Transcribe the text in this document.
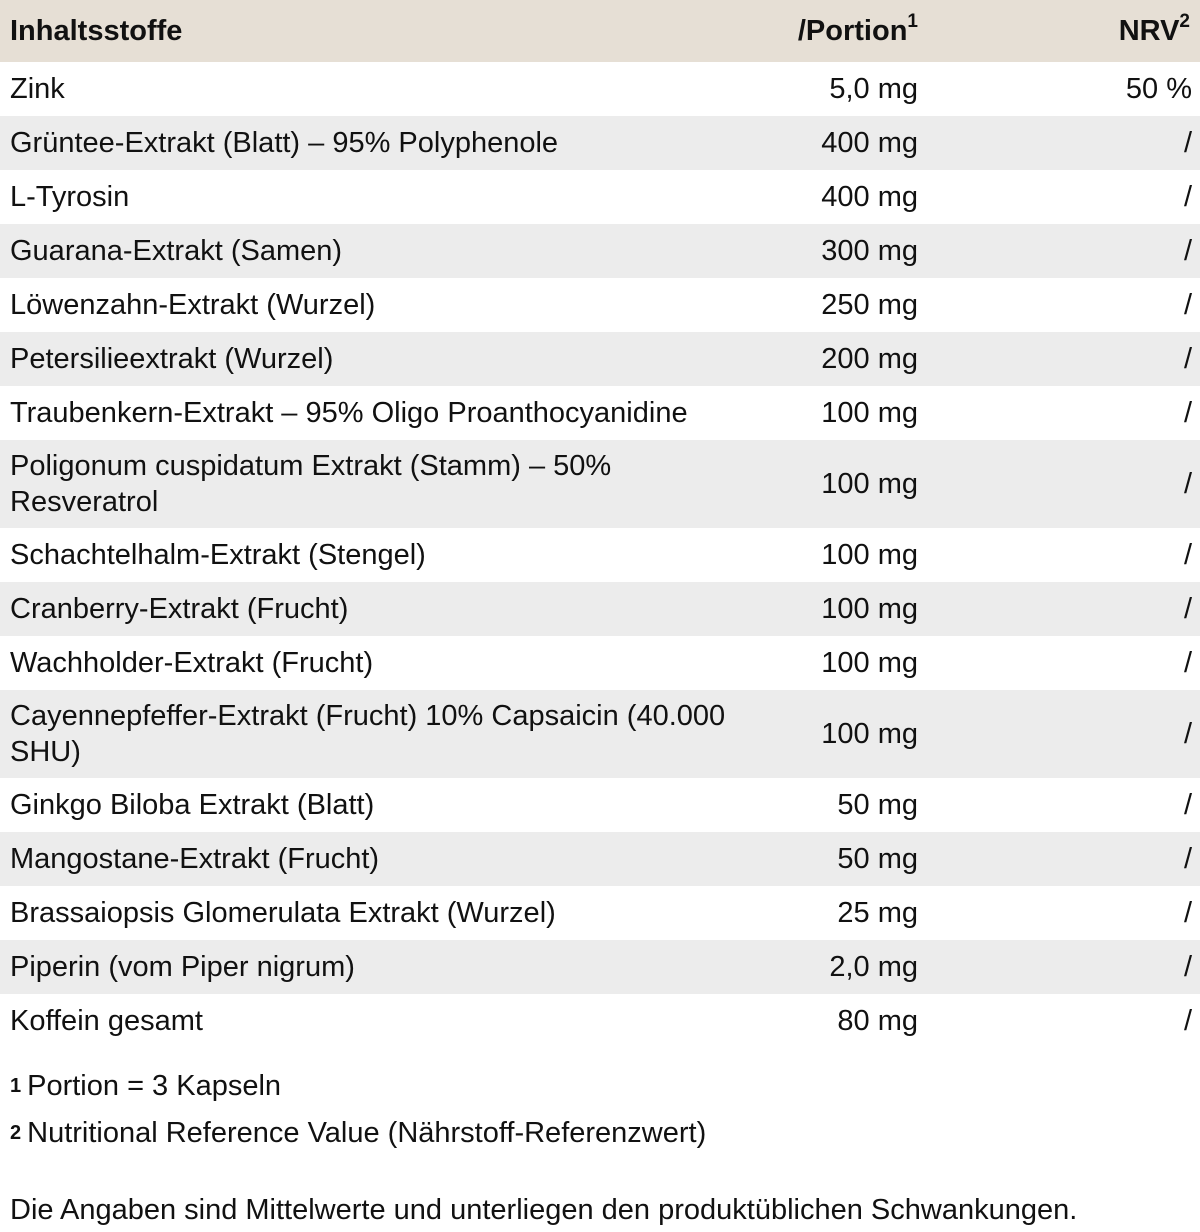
Inhaltsstoffe	/Portion$^1$	NRV$^2$
Zink	5,0 mg	50 %
Grüntee-Extrakt (Blatt) – 95% Polyphenole	400 mg	/
L-Tyrosin	400 mg	/
Guarana-Extrakt (Samen)	300 mg	/
Löwenzahn-Extrakt (Wurzel)	250 mg	/
Petersilieextrakt (Wurzel)	200 mg	/
Traubenkern-Extrakt – 95% Oligo Proanthocyanidine	100 mg	/
Poligonum cuspidatum Extrakt (Stamm) – 50% Resveratrol	100 mg	/
Schachtelhalm-Extrakt (Stengel)	100 mg	/
Cranberry-Extrakt (Frucht)	100 mg	/
Wachholder-Extrakt (Frucht)	100 mg	/
Cayennepfeffer-Extrakt (Frucht) 10% Capsaicin (40.000 SHU)	100 mg	/
Ginkgo Biloba Extrakt (Blatt)	50 mg	/
Mangostane-Extrakt (Frucht)	50 mg	/
Brassaiopsis Glomerulata Extrakt (Wurzel)	25 mg	/
Piperin (vom Piper nigrum)	2,0 mg	/
Koffein gesamt	80 mg	/
$^1$ Portion = 3 Kapseln
$^2$ Nutritional Reference Value (Nährstoff-Referenzwert)
Die Angaben sind Mittelwerte und unterliegen den produktüblichen Schwankungen.
